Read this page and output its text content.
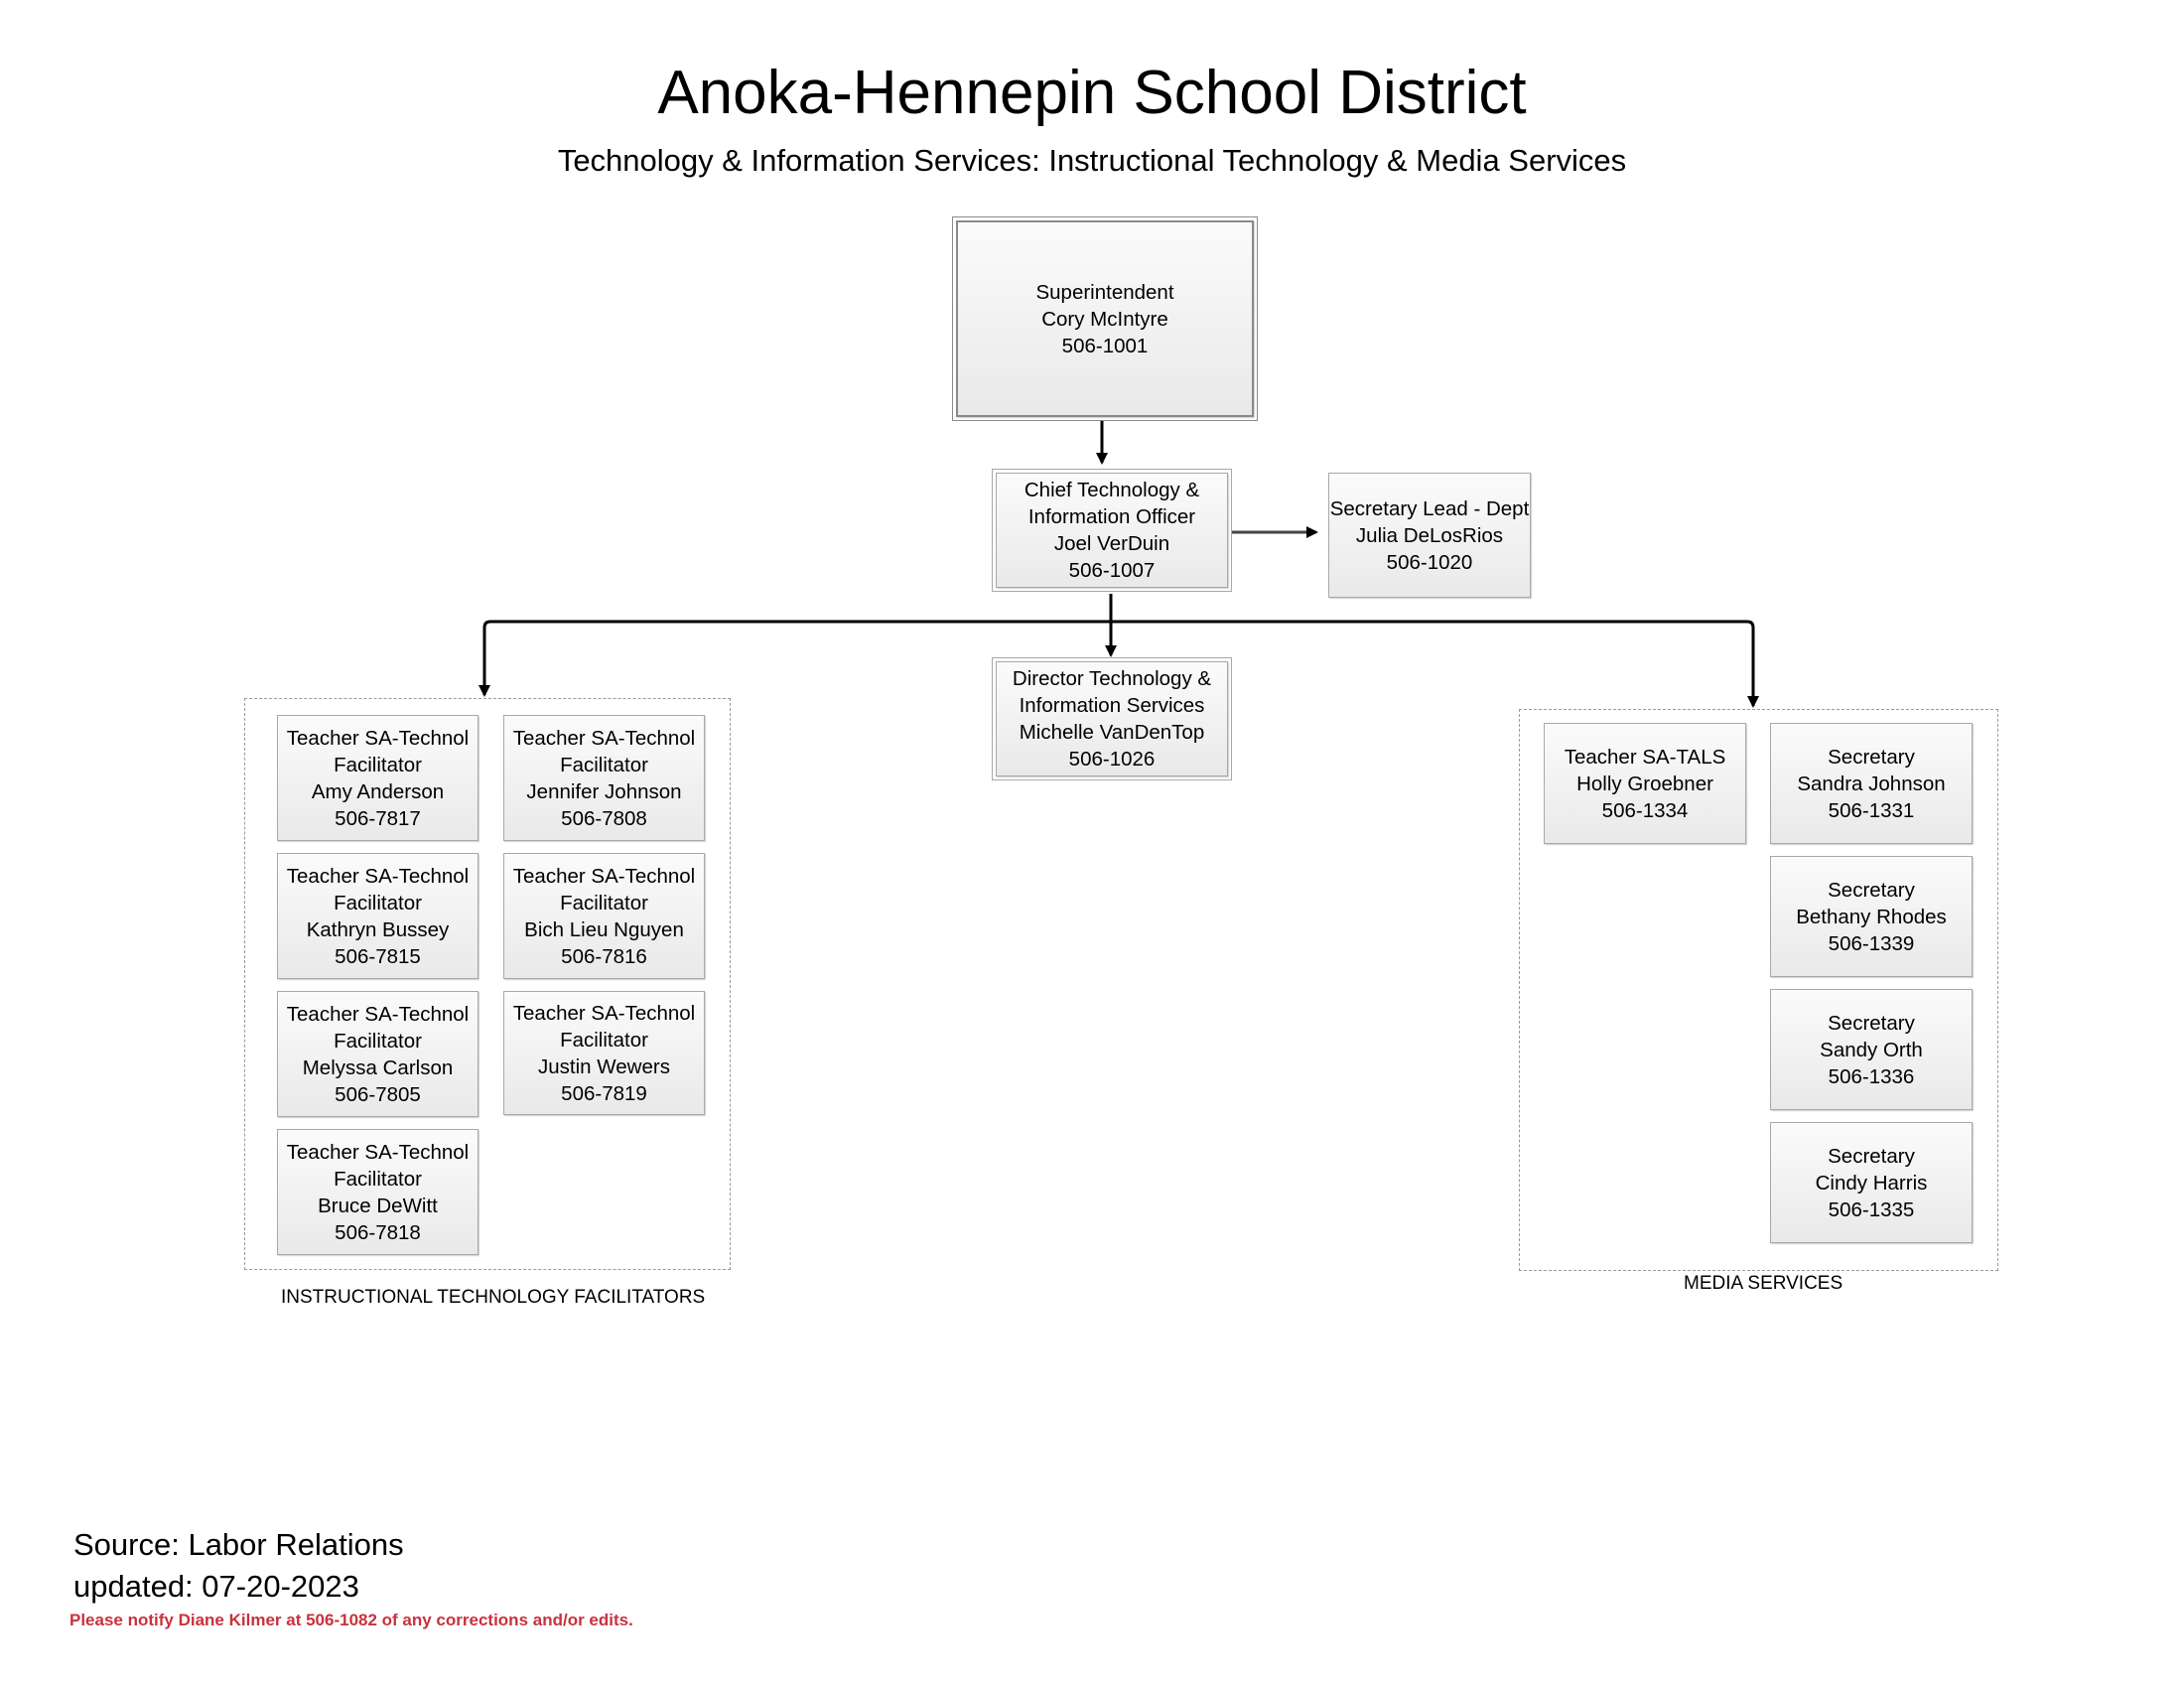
Anoka-Hennepin School District
Technology & Information Services: Instructional Technology & Media Services
Superintendent
Cory McIntyre
506-1001
Chief Technology &
Information Officer
Joel VerDuin
506-1007
Secretary Lead - Dept
Julia DeLosRios
506-1020
Director Technology &
Information Services
Michelle VanDenTop
506-1026
Teacher SA-Technol
Facilitator
Amy Anderson
506-7817
Teacher SA-Technol
Facilitator
Jennifer Johnson
506-7808
Teacher SA-Technol
Facilitator
Kathryn Bussey
506-7815
Teacher SA-Technol
Facilitator
Bich Lieu Nguyen
506-7816
Teacher SA-Technol
Facilitator
Melyssa Carlson
506-7805
Teacher SA-Technol
Facilitator
Justin Wewers
506-7819
Teacher SA-Technol
Facilitator
Bruce DeWitt
506-7818
INSTRUCTIONAL TECHNOLOGY FACILITATORS
Teacher SA-TALS
Holly Groebner
506-1334
Secretary
Sandra Johnson
506-1331
Secretary
Bethany Rhodes
506-1339
Secretary
Sandy Orth
506-1336
Secretary
Cindy Harris
506-1335
MEDIA SERVICES
Source: Labor Relations
updated: 07-20-2023
Please notify Diane Kilmer at 506-1082 of any corrections and/or edits.
